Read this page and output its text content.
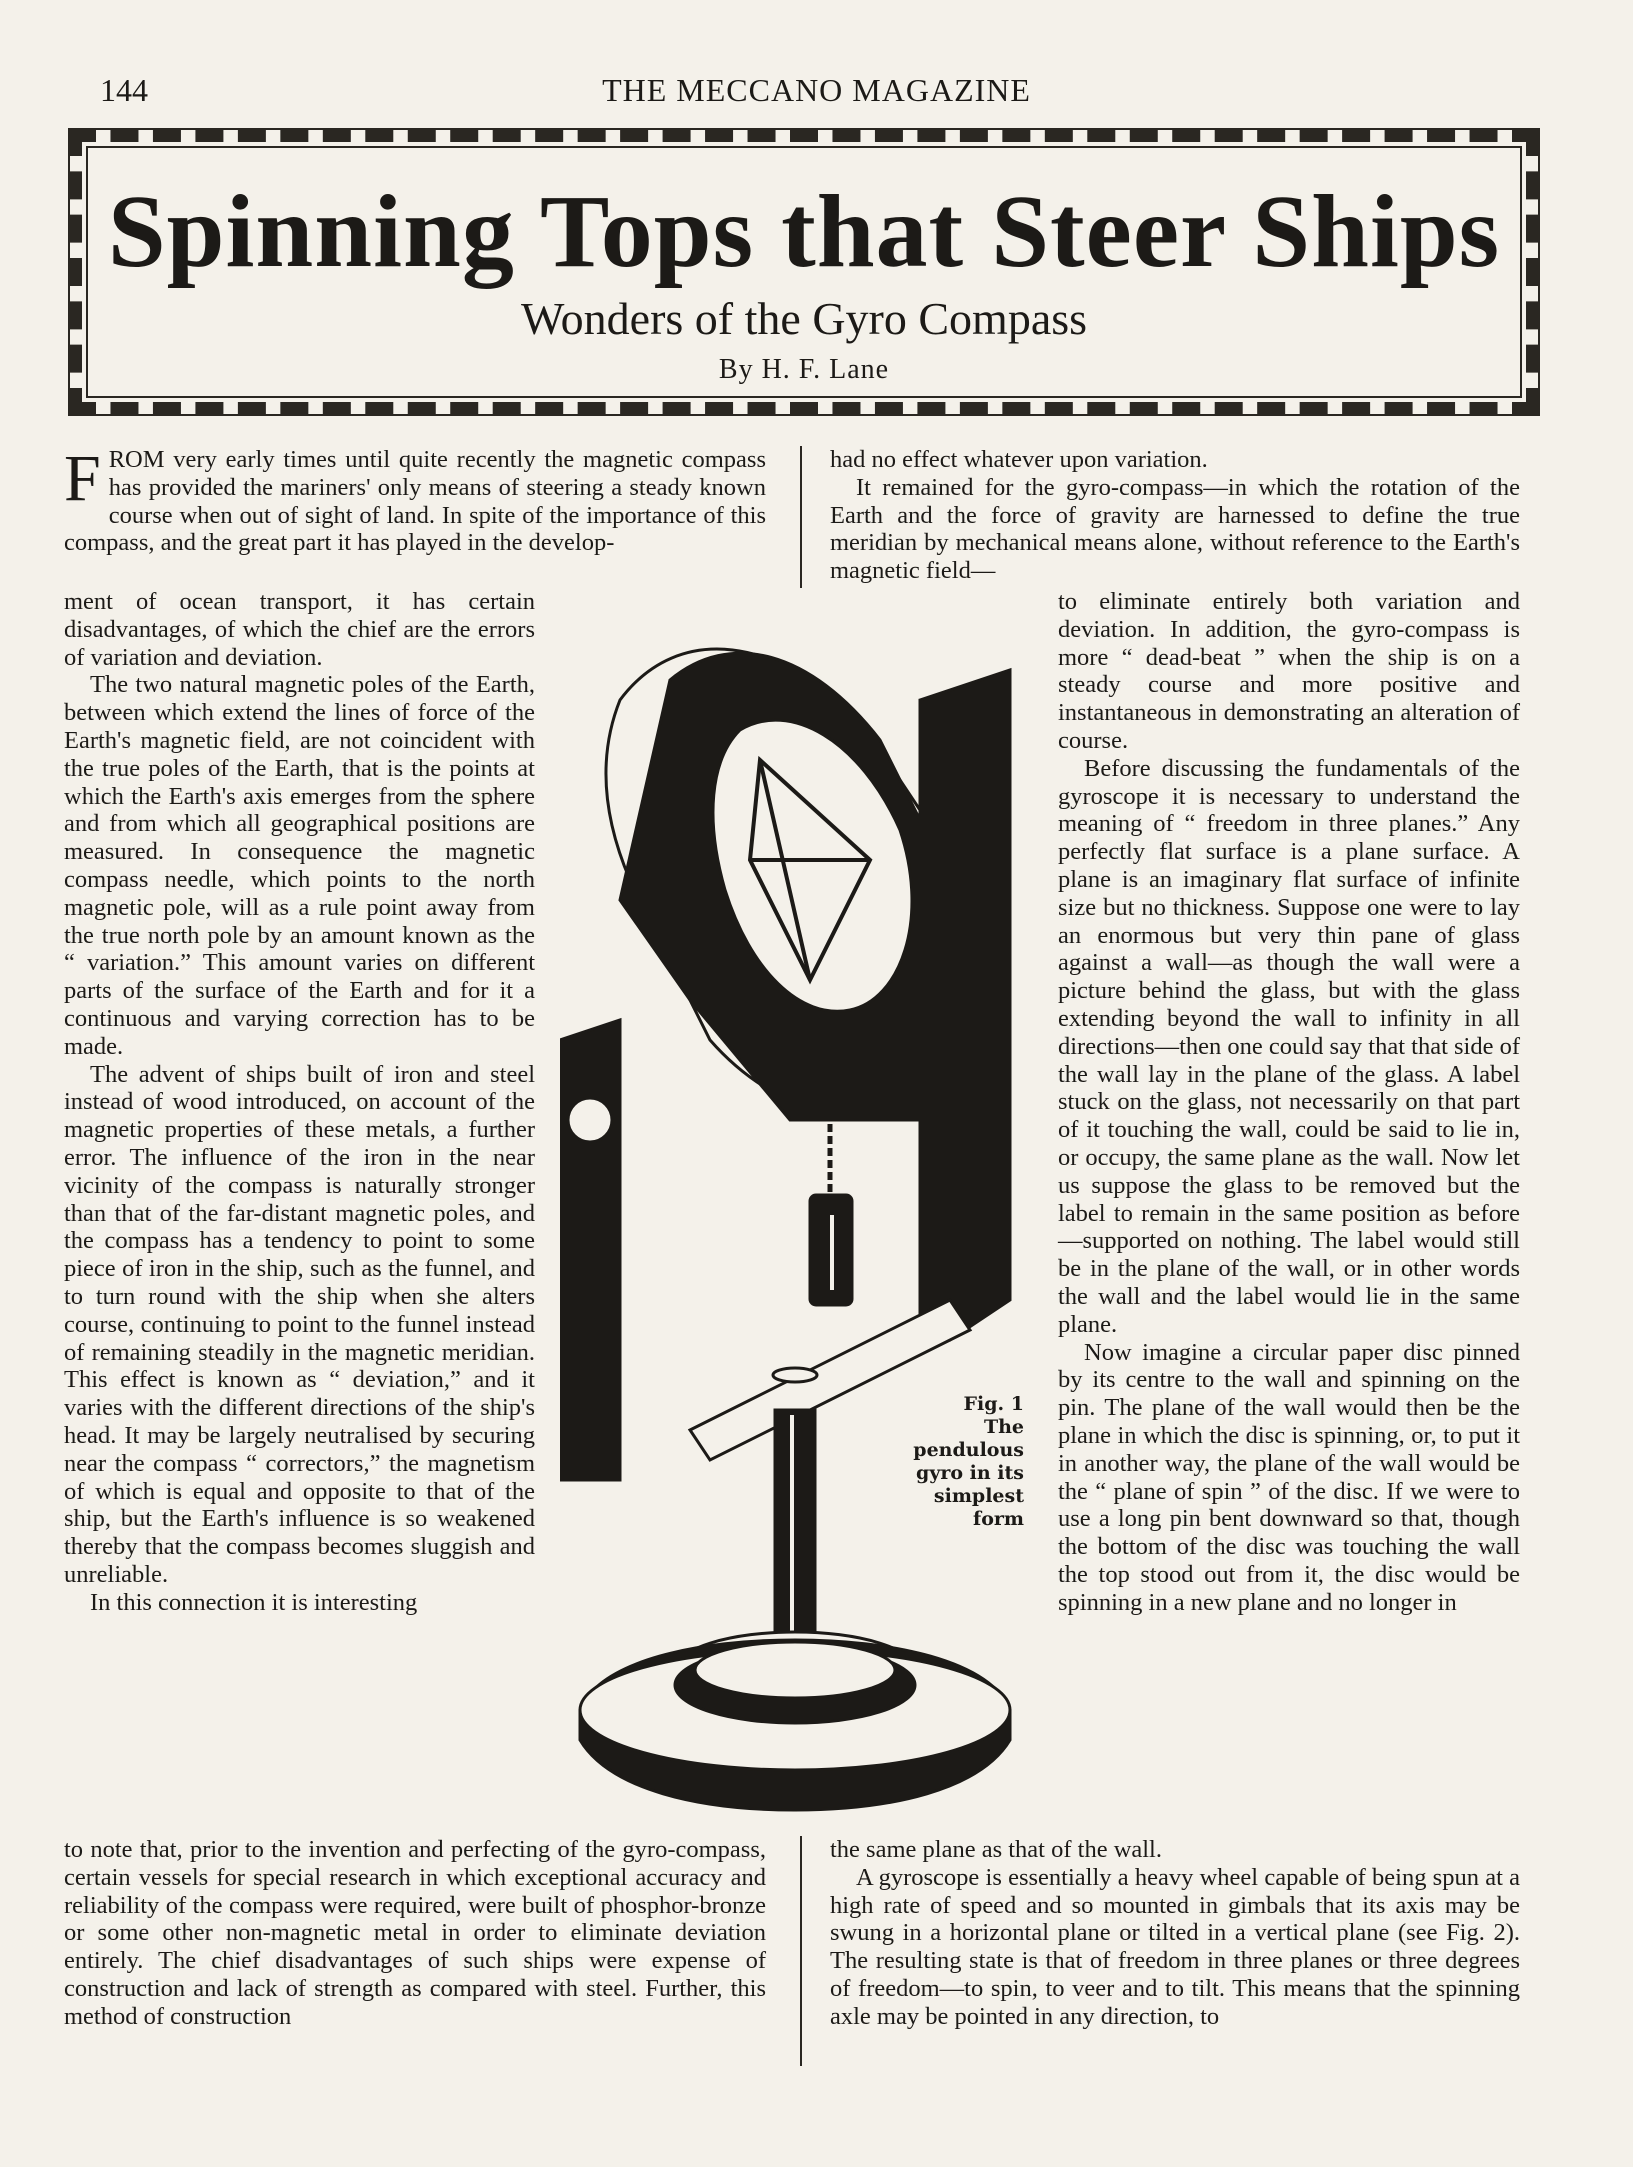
144	THE MECCANO MAGAZINE
Spinning Tops that Steer Ships
Wonders of the Gyro Compass
By H. F. Lane

FROM very early times until quite recently the magnetic compass has provided the mariners' only means of steering a steady known course when out of sight of land. In spite of the importance of this compass, and the great part it has played in the develop-

ment of ocean transport, it has certain disadvantages, of which the chief are the errors of variation and deviation.

The two natural magnetic poles of the Earth, between which extend the lines of force of the Earth's magnetic field, are not coincident with the true poles of the Earth, that is the points at which the Earth's axis emerges from the sphere and from which all geographical positions are measured. In consequence the magnetic compass needle, which points to the north magnetic pole, will as a rule point away from the true north pole by an amount known as the “ variation.” This amount varies on different parts of the surface of the Earth and for it a continuous and varying correction has to be made.

The advent of ships built of iron and steel instead of wood introduced, on account of the magnetic properties of these metals, a further error. The influence of the iron in the near vicinity of the compass is naturally stronger than that of the far-distant magnetic poles, and the compass has a tendency to point to some piece of iron in the ship, such as the funnel, and to turn round with the ship when she alters course, continuing to point to the funnel instead of remaining steadily in the magnetic meridian. This effect is known as “ deviation,” and it varies with the different directions of the ship's head. It may be largely neutralised by securing near the compass “ correctors,” the magnetism of which is equal and opposite to that of the ship, but the Earth's influence is so weakened thereby that the compass becomes sluggish and unreliable.

In this connection it is interesting

to note that, prior to the invention and perfecting of the gyro-compass, certain vessels for special research in which exceptional accuracy and reliability of the compass were required, were built of phosphor-bronze or some other non-magnetic metal in order to eliminate deviation entirely. The chief disadvantages of such ships were expense of construction and lack of strength as compared with steel. Further, this method of construction

had no effect whatever upon variation.

It remained for the gyro-compass—in which the rotation of the Earth and the force of gravity are harnessed to define the true meridian by mechanical means alone, without reference to the Earth's magnetic field—

to eliminate entirely both variation and deviation. In addition, the gyro-compass is more “ dead-beat ” when the ship is on a steady course and more positive and instantaneous in demonstrating an alteration of course.

Before discussing the fundamentals of the gyroscope it is necessary to understand the meaning of “ freedom in three planes.” Any perfectly flat surface is a plane surface. A plane is an imaginary flat surface of infinite size but no thickness. Suppose one were to lay an enormous but very thin pane of glass against a wall—as though the wall were a picture behind the glass, but with the glass extending beyond the wall to infinity in all directions—then one could say that that side of the wall lay in the plane of the glass. A label stuck on the glass, not necessarily on that part of it touching the wall, could be said to lie in, or occupy, the same plane as the wall. Now let us suppose the glass to be removed but the label to remain in the same position as before—supported on nothing. The label would still be in the plane of the wall, or in other words the wall and the label would lie in the same plane.

Now imagine a circular paper disc pinned by its centre to the wall and spinning on the pin. The plane of the wall would then be the plane in which the disc is spinning, or, to put it in another way, the plane of the wall would be the “ plane of spin ” of the disc. If we were to use a long pin bent downward so that, though the bottom of the disc was touching the wall the top stood out from it, the disc would be spinning in a new plane and no longer in

the same plane as that of the wall.

A gyroscope is essentially a heavy wheel capable of being spun at a high rate of speed and so mounted in gimbals that its axis may be swung in a horizontal plane or tilted in a vertical plane (see Fig. 2). The resulting state is that of freedom in three planes or three degrees of freedom—to spin, to veer and to tilt. This means that the spinning axle may be pointed in any direction, to

Fig. 1
The pendulous gyro in its simplest form
